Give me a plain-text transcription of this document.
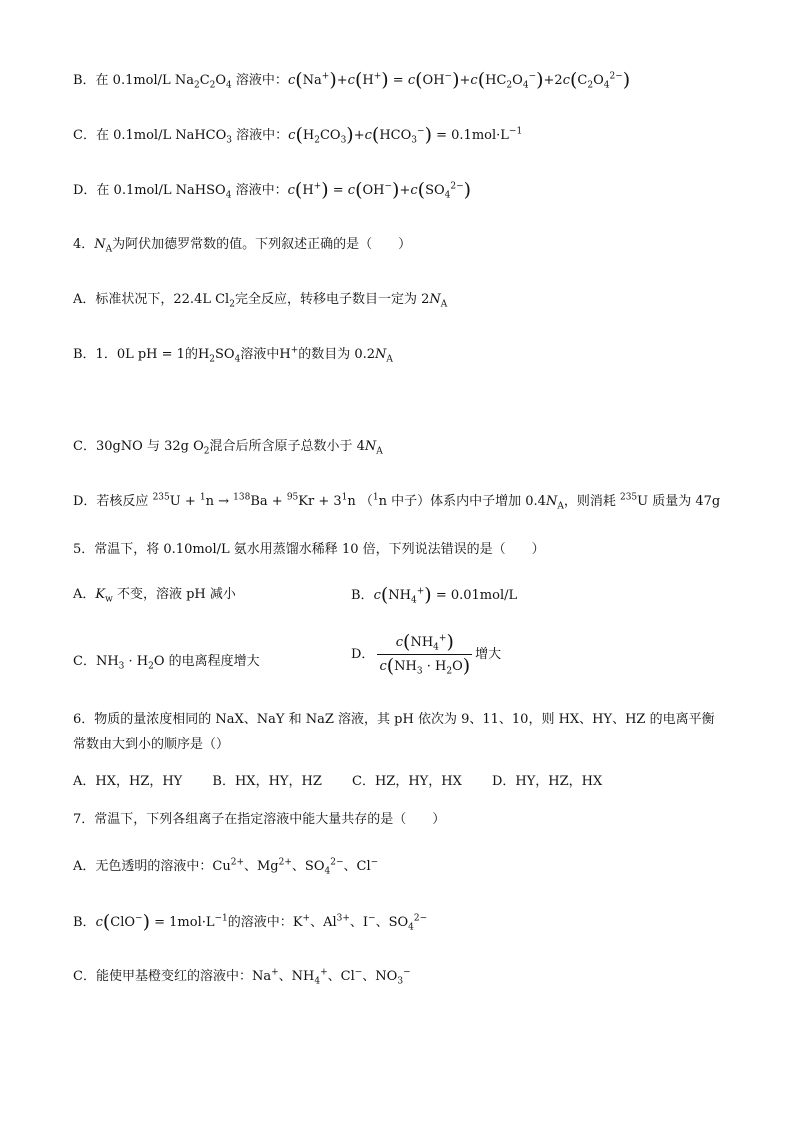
B．在 0.1mol/L $Na_2C_2O_4$ 溶液中：$c(Na^+)+c(H^+) = c(OH^-)+c(HC_2O_4^-)+2c(C_2O_4^{2-})$
C．在 0.1mol/L NaHCO$_3$ 溶液中：$c(H_2CO_3)+c(HCO_3^-) = 0.1mol\cdot L^{-1}$
D．在 0.1mol/L NaHSO$_4$ 溶液中：$c(H^+) = c(OH^-)+c(SO_4^{2-})$
4．$N_A$为阿伏加德罗常数的值。下列叙述正确的是（　　）
A．标准状况下，22.4L $Cl_2$完全反应，转移电子数目一定为 $2N_A$
B．1．0L pH = 1的$H_2SO_4$溶液中H+的数目为 $0.2N_A$
C．30gNO 与 32g $O_2$混合后所含原子总数小于 $4N_A$
D．若核反应 $^{235}U + ^1n \to ^{138}Ba + ^{95}Kr + 3^1n$ （$^1$n 中子）体系内中子增加 $0.4N_A$，则消耗 $^{235}$U 质量为 47g
5．常温下，将 0.10mol/L 氨水用蒸馏水稀释 10 倍，下列说法错误的是（　　）
A．$K_w$ 不变，溶液 pH 减小	B．$c(NH_4^+) = 0.01mol/L$
C．$NH_3 \cdot H_2O$ 的电离程度增大	D． $\frac{c(NH_4^+)}{c(NH_3 \cdot H_2O)}$ 增大
6．物质的量浓度相同的 NaX、NaY 和 NaZ 溶液，其 pH 依次为 9、11、10，则 HX、HY、HZ 的电离平衡
常数由大到小的顺序是（）
A．HX，HZ，HY B．HX，HY，HZ C．HZ，HY，HX D．HY，HZ，HX
7．常温下，下列各组离子在指定溶液中能大量共存的是（　　）
A．无色透明的溶液中：$Cu^{2+}$、$Mg^{2+}$、$SO_4^{2-}$、Cl−
B．$c(ClO^-) = 1mol\cdot L^{-1}$的溶液中：K+、$Al^{3+}$、I−、$SO_4^{2-}$
C．能使甲基橙变红的溶液中：Na+、$NH_4^+$、Cl−、$NO_3^-$
